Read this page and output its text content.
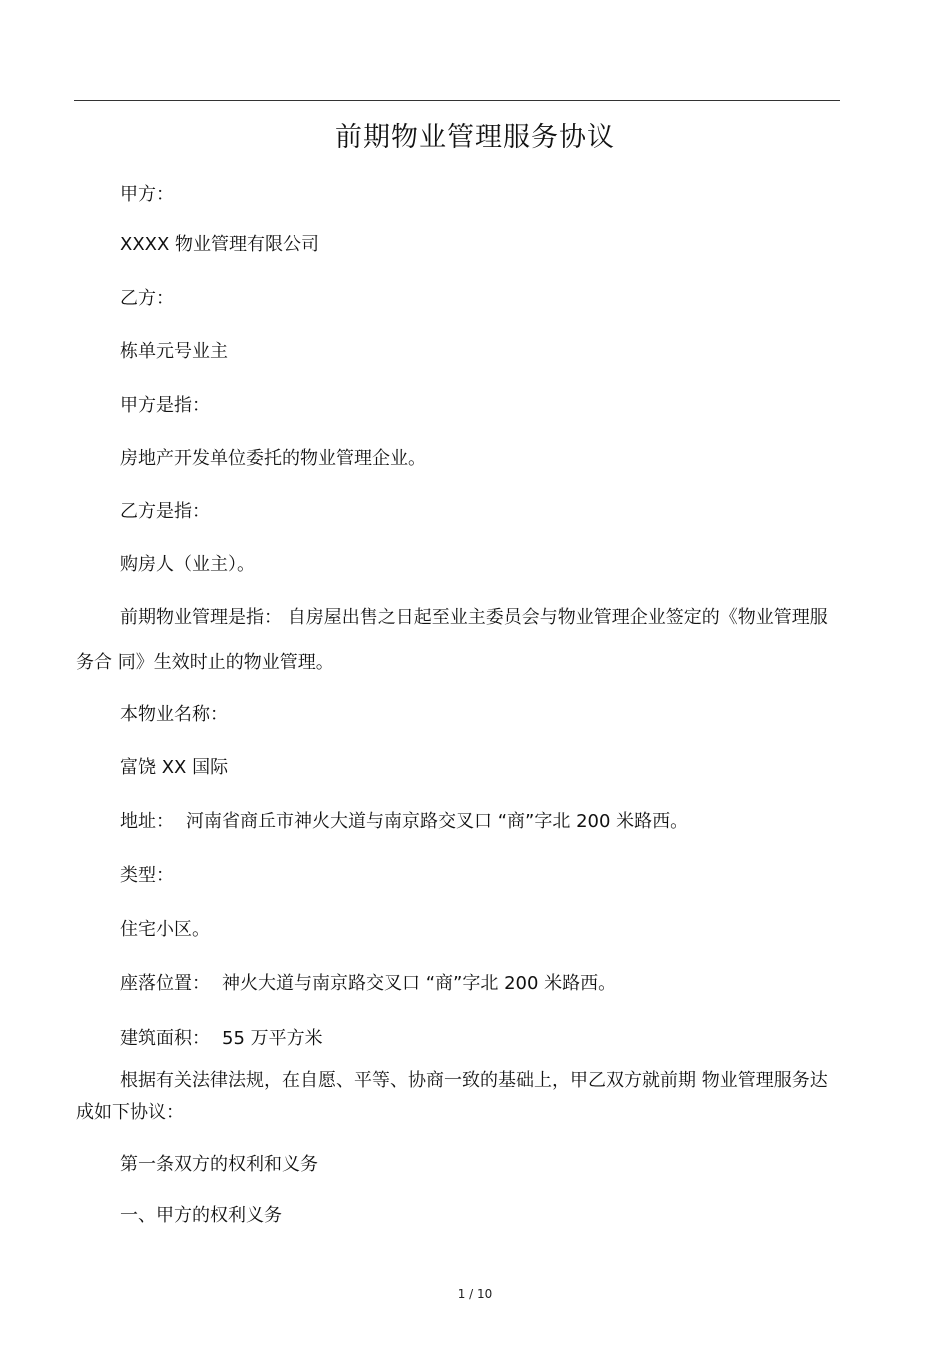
前期物业管理服务协议
甲方：
XXXX 物业管理有限公司
乙方：
栋单元号业主
甲方是指：
房地产开发单位委托的物业管理企业。
乙方是指：
购房人（业主）。
前期物业管理是指： 自房屋出售之日起至业主委员会与物业管理企业签定的《物业管理服务合 同》生效时止的物业管理。
本物业名称：
富饶 XX 国际
地址： 河南省商丘市神火大道与南京路交叉口 “商”字北 200 米路西。
类型：
住宅小区。
座落位置： 神火大道与南京路交叉口 “商”字北 200 米路西。
建筑面积： 55 万平方米
根据有关法律法规，在自愿、平等、协商一致的基础上，甲乙双方就前期 物业管理服务达成如下协议：
第一条双方的权利和义务
一、甲方的权利义务
1 / 10
